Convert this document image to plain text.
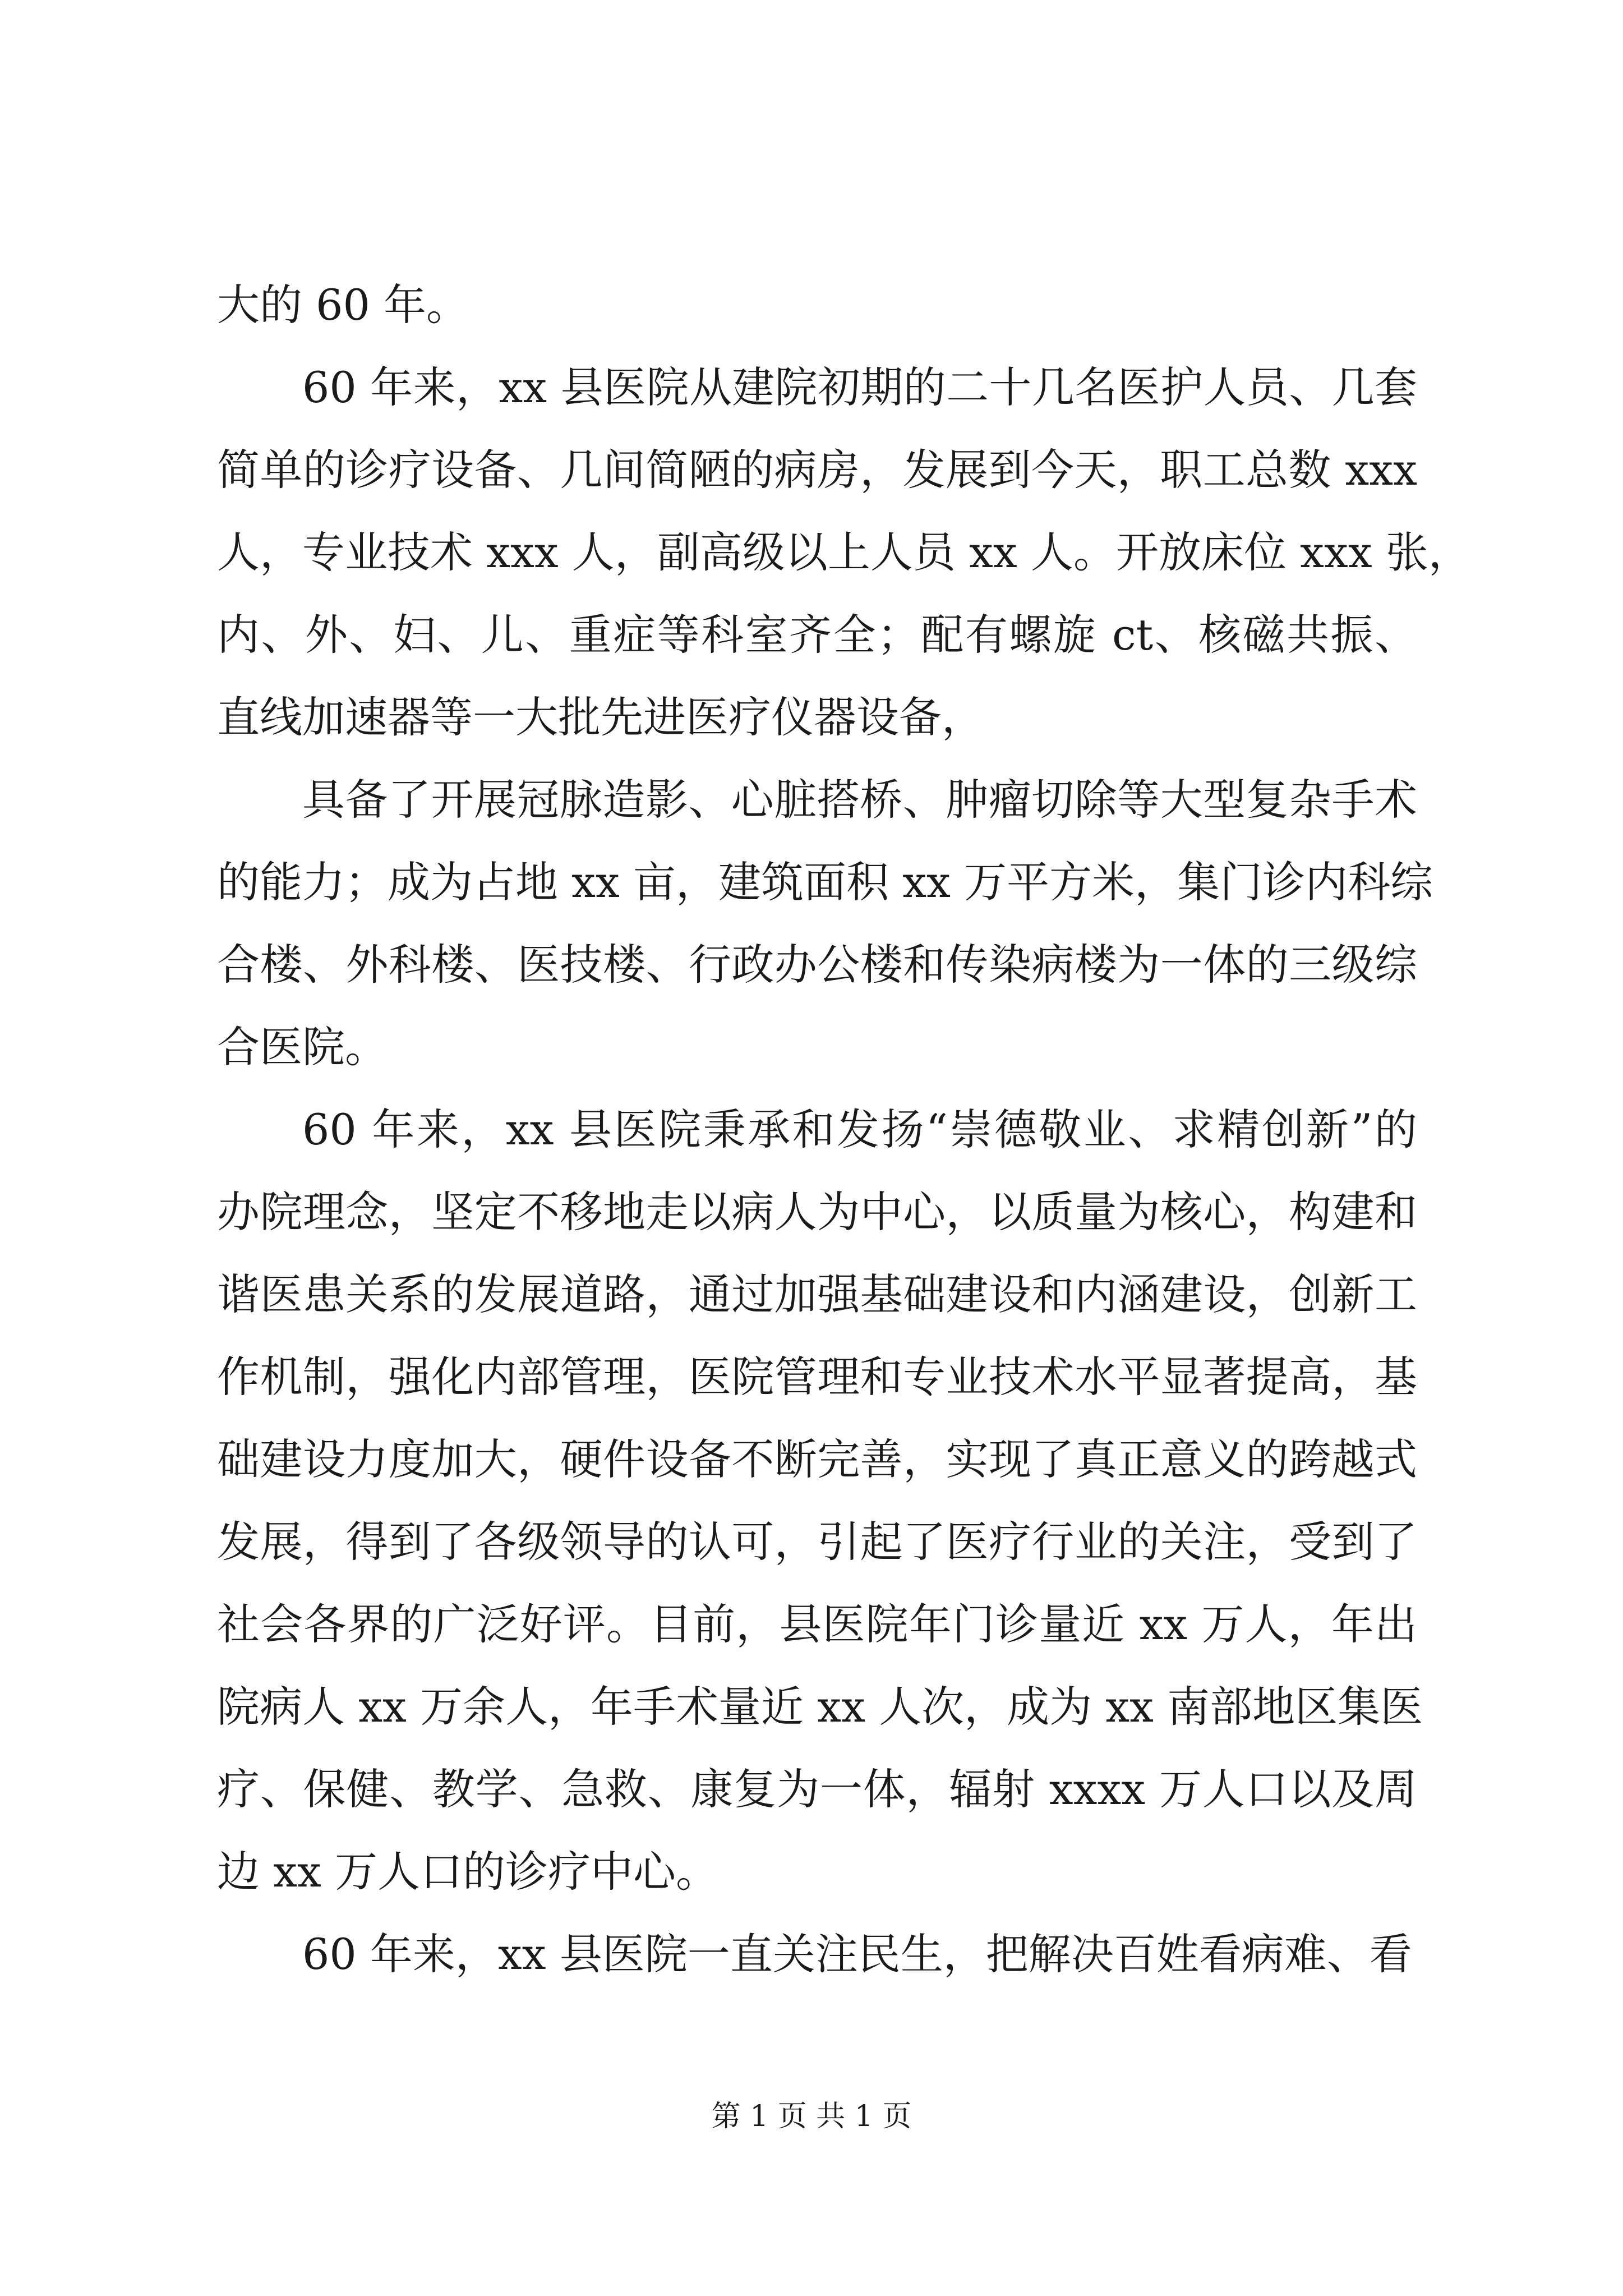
大的 60 年。
60 年来，xx 县医院从建院初期的二十几名医护人员、几套
简单的诊疗设备、几间简陋的病房，发展到今天，职工总数 xxx
人，专业技术 xxx 人，副高级以上人员 xx 人。开放床位 xxx 张，
内、外、妇、儿、重症等科室齐全；配有螺旋 ct、核磁共振、
直线加速器等一大批先进医疗仪器设备，
具备了开展冠脉造影、心脏搭桥、肿瘤切除等大型复杂手术
的能力；成为占地 xx 亩，建筑面积 xx 万平方米，集门诊内科综
合楼、外科楼、医技楼、行政办公楼和传染病楼为一体的三级综
合医院。
60 年来，xx 县医院秉承和发扬“崇德敬业、求精创新”的
办院理念，坚定不移地走以病人为中心，以质量为核心，构建和
谐医患关系的发展道路，通过加强基础建设和内涵建设，创新工
作机制，强化内部管理，医院管理和专业技术水平显著提高，基
础建设力度加大，硬件设备不断完善，实现了真正意义的跨越式
发展，得到了各级领导的认可，引起了医疗行业的关注，受到了
社会各界的广泛好评。目前，县医院年门诊量近 xx 万人，年出
院病人 xx 万余人，年手术量近 xx 人次，成为 xx 南部地区集医
疗、保健、教学、急救、康复为一体，辐射 xxxx 万人口以及周
边 xx 万人口的诊疗中心。
60 年来，xx 县医院一直关注民生，把解决百姓看病难、看
第 1 页 共 1 页
